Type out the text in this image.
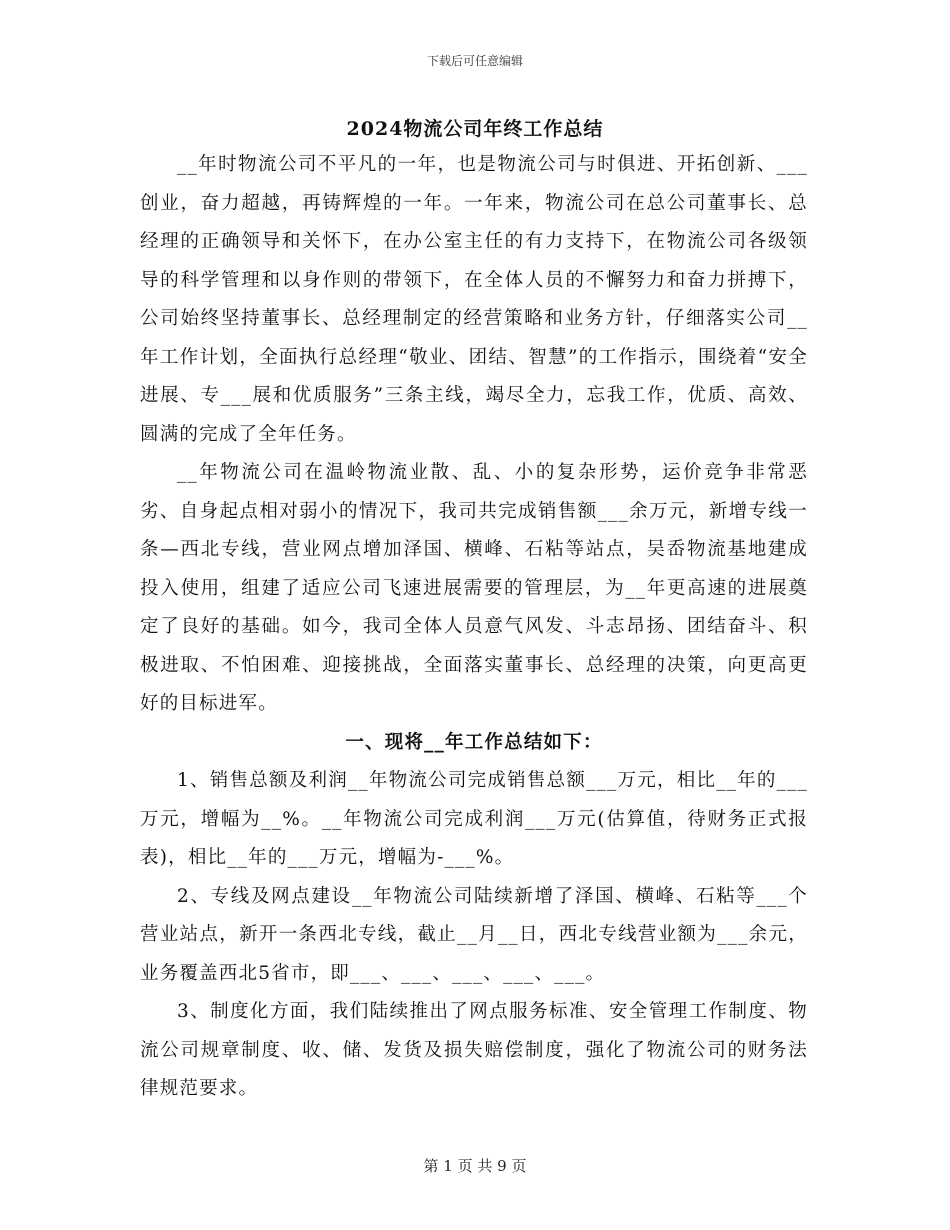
下载后可任意编辑
2024物流公司年终工作总结

__年时物流公司不平凡的一年，也是物流公司与时俱进、开拓创新、___创业，奋力超越，再铸辉煌的一年。一年来，物流公司在总公司董事长、总经理的正确领导和关怀下，在办公室主任的有力支持下，在物流公司各级领导的科学管理和以身作则的带领下，在全体人员的不懈努力和奋力拼搏下，公司始终坚持董事长、总经理制定的经营策略和业务方针，仔细落实公司__年工作计划，全面执行总经理“敬业、团结、智慧”的工作指示，围绕着“安全进展、专___展和优质服务”三条主线，竭尽全力，忘我工作，优质、高效、圆满的完成了全年任务。

__年物流公司在温岭物流业散、乱、小的复杂形势，运价竞争非常恶劣、自身起点相对弱小的情况下，我司共完成销售额___余万元，新增专线一条—西北专线，营业网点增加泽国、横峰、石粘等站点，吴岙物流基地建成投入使用，组建了适应公司飞速进展需要的管理层，为__年更高速的进展奠定了良好的基础。如今，我司全体人员意气风发、斗志昂扬、团结奋斗、积极进取、不怕困难、迎接挑战，全面落实董事长、总经理的决策，向更高更好的目标进军。

一、现将__年工作总结如下：

1、销售总额及利润__年物流公司完成销售总额___万元，相比__年的___万元，增幅为__%。__年物流公司完成利润___万元(估算值，待财务正式报表)，相比__年的___万元，增幅为-___%。

2、专线及网点建设__年物流公司陆续新增了泽国、横峰、石粘等___个营业站点，新开一条西北专线，截止__月__日，西北专线营业额为___余元，业务覆盖西北5省市，即___、___、___、___、___。

3、制度化方面，我们陆续推出了网点服务标准、安全管理工作制度、物流公司规章制度、收、储、发货及损失赔偿制度，强化了物流公司的财务法律规范要求。

第 1 页 共 9 页
